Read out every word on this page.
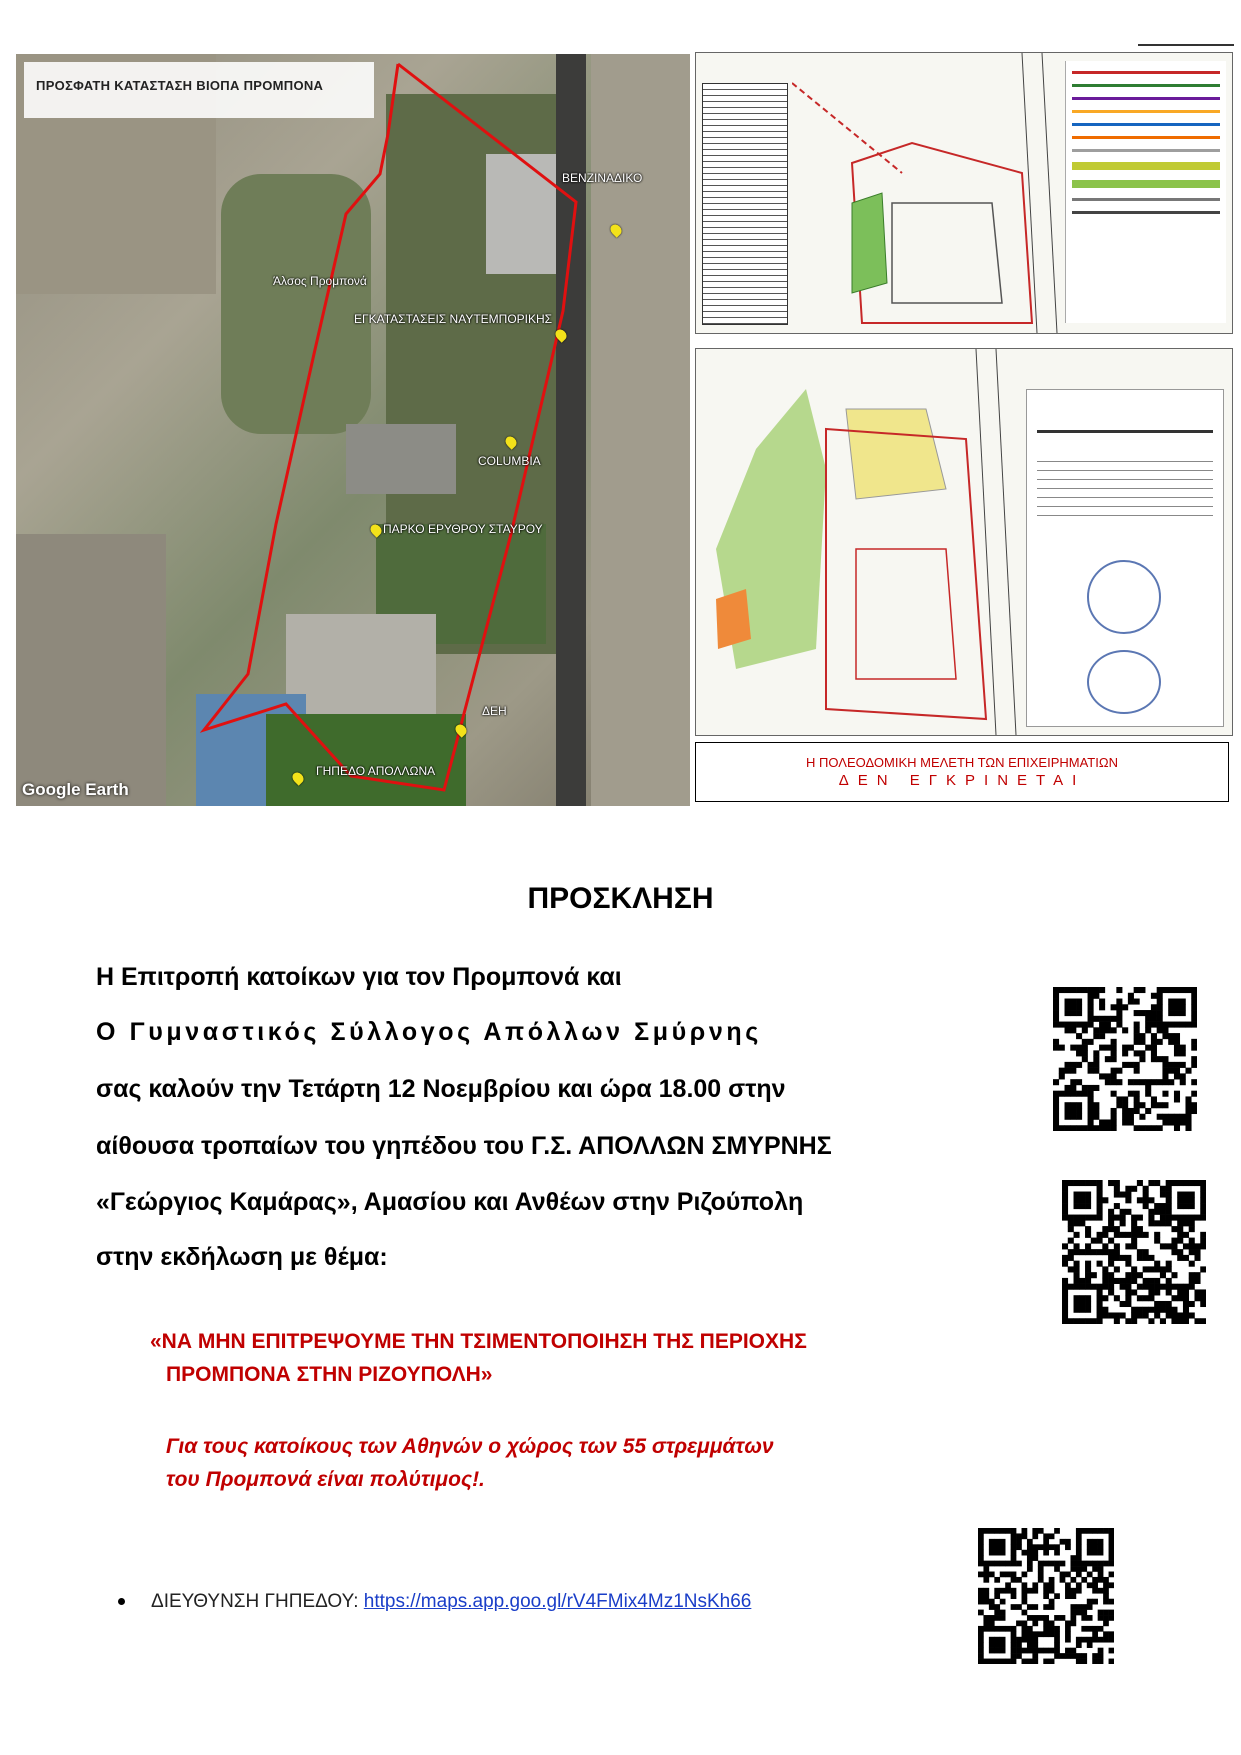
ΠΡΟΣΦΑΤΗ ΚΑΤΑΣΤΑΣΗ ΒΙΟΠΑ ΠΡΟΜΠΟΝΑ
ΒΕΝΖΙΝΑΔΙΚΟ
Άλσος Προμπονά
ΕΓΚΑΤΑΣΤΑΣΕΙΣ ΝΑΥΤΕΜΠΟΡΙΚΗΣ
COLUMBIA
ΠΑΡΚΟ ΕΡΥΘΡΟΥ ΣΤΑΥΡΟΥ
ΔΕΗ
ΓΗΠΕΔΟ ΑΠΟΛΛΩΝΑ
Google Earth
Η ΠΟΛΕΟΔΟΜΙΚΗ ΜΕΛΕΤΗ ΤΩΝ ΕΠΙΧΕΙΡΗΜΑΤΙΩΝ
ΔΕΝ ΕΓΚΡΙΝΕΤΑΙ
ΠΡΟΣΚΛΗΣΗ
Η Επιτροπή κατοίκων για τον Προμπονά και
Ο Γυμναστικός Σύλλογος Απόλλων Σμύρνης
σας καλούν την Τετάρτη 12 Νοεμβρίου και ώρα 18.00 στην
αίθουσα τροπαίων του γηπέδου του Γ.Σ. ΑΠΟΛΛΩΝ ΣΜΥΡΝΗΣ
«Γεώργιος Καμάρας», Αμασίου και Ανθέων στην Ριζούπολη
στην εκδήλωση με θέμα:
«ΝΑ ΜΗΝ ΕΠΙΤΡΕΨΟΥΜΕ ΤΗΝ ΤΣΙΜΕΝΤΟΠΟΙΗΣΗ ΤΗΣ ΠΕΡΙΟΧΗΣ
ΠΡΟΜΠΟΝΑ ΣΤΗΝ ΡΙΖΟΥΠΟΛΗ»
Για τους κατοίκους των Αθηνών ο χώρος των 55 στρεμμάτων
του Προμπονά είναι πολύτιμος!.
ΔΙΕΥΘΥΝΣΗ ΓΗΠΕΔΟΥ: https://maps.app.goo.gl/rV4FMix4Mz1NsKh66
